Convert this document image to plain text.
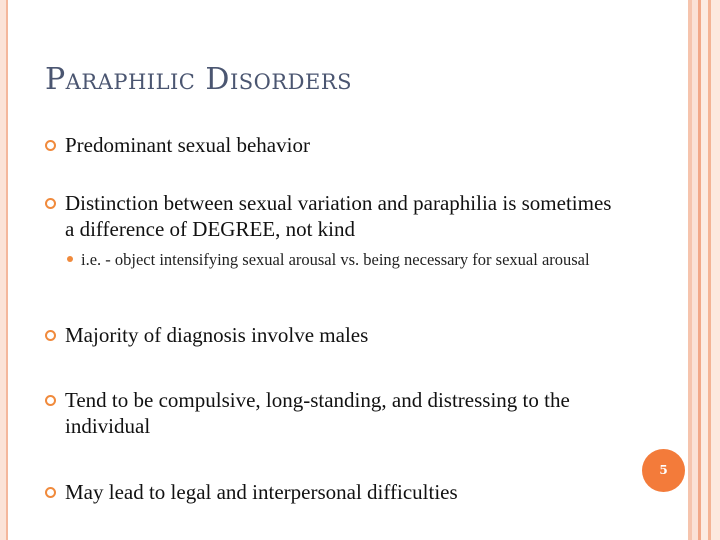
Paraphilic Disorders
Predominant sexual behavior
Distinction between sexual variation and paraphilia is sometimes a difference of DEGREE, not kind
i.e. - object intensifying sexual arousal vs. being necessary for sexual arousal
Majority of diagnosis involve males
Tend to be compulsive, long-standing, and distressing to the individual
May lead to legal and interpersonal difficulties
5
